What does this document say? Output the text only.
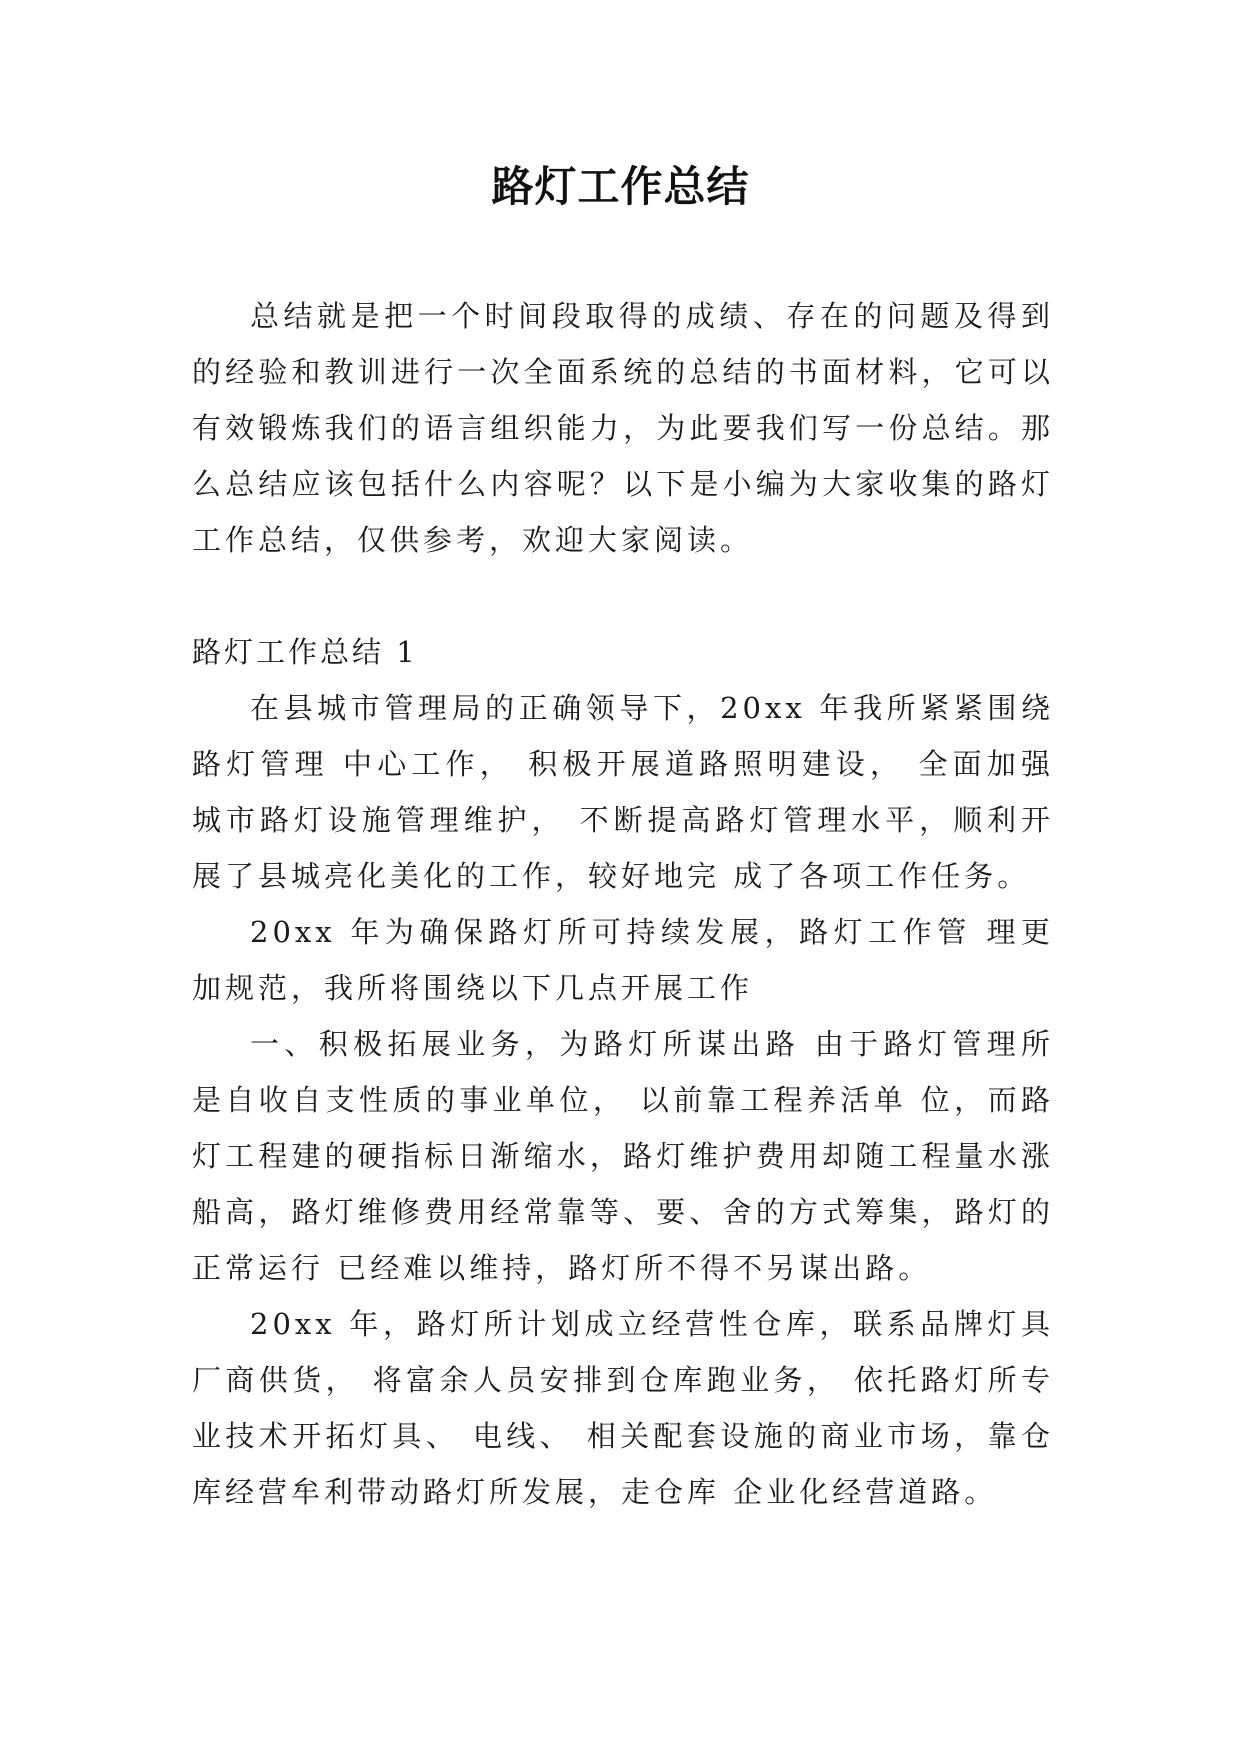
路灯工作总结

总结就是把一个时间段取得的成绩、存在的问题及得到的经验和教训进行一次全面系统的总结的书面材料，它可以有效锻炼我们的语言组织能力，为此要我们写一份总结。那么总结应该包括什么内容呢？以下是小编为大家收集的路灯工作总结，仅供参考，欢迎大家阅读。

路灯工作总结 1

在县城市管理局的正确领导下，20xx 年我所紧紧围绕路灯管理 中心工作， 积极开展道路照明建设， 全面加强城市路灯设施管理维护， 不断提高路灯管理水平，顺利开展了县城亮化美化的工作，较好地完 成了各项工作任务。

20xx 年为确保路灯所可持续发展，路灯工作管 理更加规范，我所将围绕以下几点开展工作

一、积极拓展业务，为路灯所谋出路 由于路灯管理所是自收自支性质的事业单位， 以前靠工程养活单 位，而路灯工程建的硬指标日渐缩水，路灯维护费用却随工程量水涨船高，路灯维修费用经常靠等、要、舍的方式筹集，路灯的正常运行 已经难以维持，路灯所不得不另谋出路。

20xx 年，路灯所计划成立经营性仓库，联系品牌灯具厂商供货， 将富余人员安排到仓库跑业务， 依托路灯所专业技术开拓灯具、 电线、 相关配套设施的商业市场，靠仓库经营牟利带动路灯所发展，走仓库 企业化经营道路。
